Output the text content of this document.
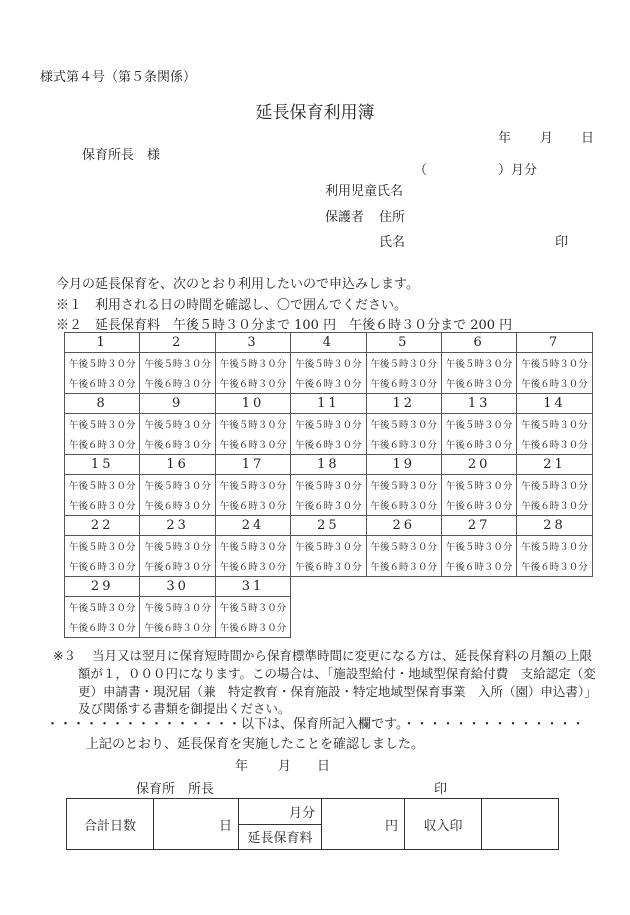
様式第４号（第５条関係）
延長保育利用簿
年 月 日
保育所長　様
（	）月分
利用児童氏名
保護者 住所
氏名	印
今月の延長保育を、次のとおり利用したいので申込みします。
※１　利用される日の時間を確認し、〇で囲んでください。
※２　延長保育料　午後５時３０分まで 100 円　午後６時３０分まで 200 円
1	2	3	4	5	6	7
午後５時３０分	午後５時３０分	午後５時３０分	午後５時３０分	午後５時３０分	午後５時３０分	午後５時３０分
午後６時３０分	午後６時３０分	午後６時３０分	午後６時３０分	午後６時３０分	午後６時３０分	午後６時３０分
8	9	10	11	12	13	14
午後５時３０分	午後５時３０分	午後５時３０分	午後５時３０分	午後５時３０分	午後５時３０分	午後５時３０分
午後６時３０分	午後６時３０分	午後６時３０分	午後６時３０分	午後６時３０分	午後６時３０分	午後６時３０分
15	16	17	18	19	20	21
午後５時３０分	午後５時３０分	午後５時３０分	午後５時３０分	午後５時３０分	午後５時３０分	午後５時３０分
午後６時３０分	午後６時３０分	午後６時３０分	午後６時３０分	午後６時３０分	午後６時３０分	午後６時３０分
22	23	24	25	26	27	28
午後５時３０分	午後５時３０分	午後５時３０分	午後５時３０分	午後５時３０分	午後５時３０分	午後５時３０分
午後６時３０分	午後６時３０分	午後６時３０分	午後６時３０分	午後６時３０分	午後６時３０分	午後６時３０分
29	30	31				
午後５時３０分	午後５時３０分	午後５時３０分				
午後６時３０分	午後６時３０分	午後６時３０分				
※３ 当月又は翌月に保育短時間から保育標準時間に変更になる方は、延長保育料の月額の上限
額が１，０００円になります。この場合は、「施設型給付・地域型保育給付費　支給認定（変
更）申請書・現況届（兼　特定教育・保育施設・特定地域型保育事業　入所（園）申込書）」
及び関係する書類を御提出ください。
・・・・・・・・・・・・・・・以下は、保育所記入欄です。・・・・・・・・・・・・・・
上記のとおり、延長保育を実施したことを確認しました。
年 月 日
保育所　所長	印
合計日数	日	月分	円	収入印	
延長保育料
